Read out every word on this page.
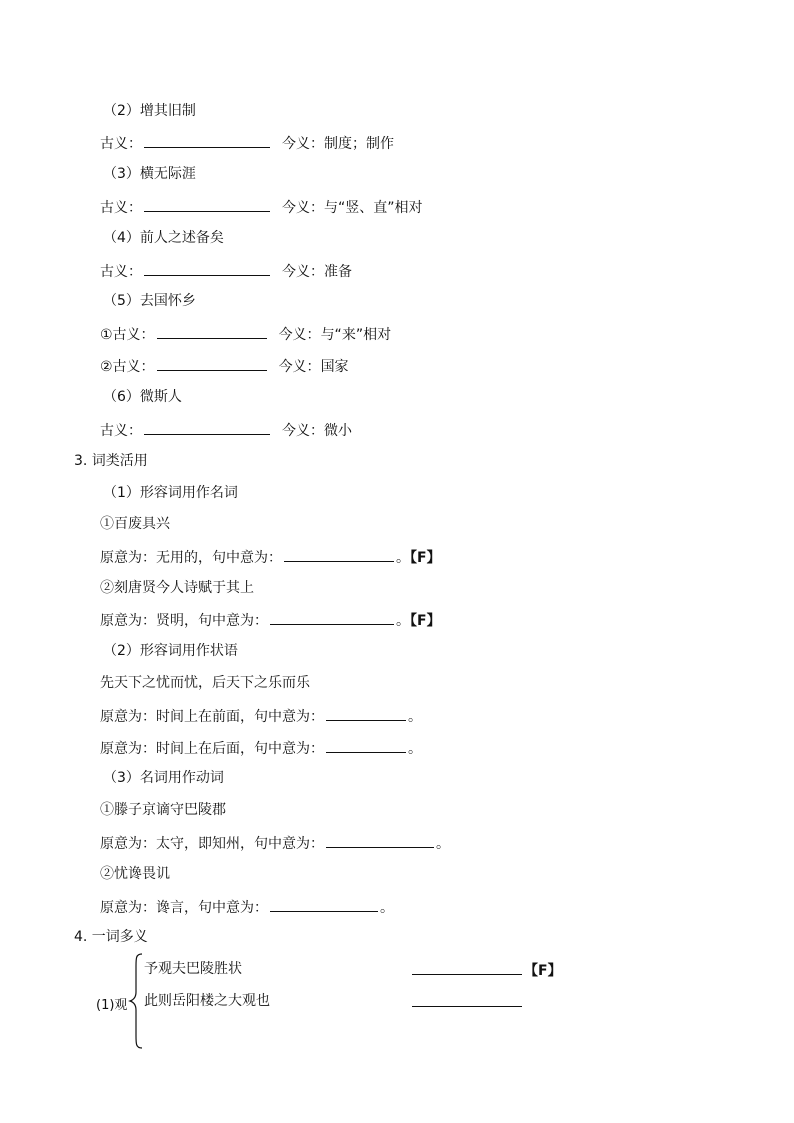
（2）增其旧制
古义：	今义：制度；制作
（3）横无际涯
古义：	今义：与“竖、直”相对
（4）前人之述备矣
古义：	今义：准备
（5）去国怀乡
①古义：	今义：与“来”相对
②古义：	今义：国家
（6）微斯人
古义：	今义：微小
3. 词类活用
（1）形容词用作名词
①百废具兴
原意为：无用的，句中意为：	。【F】
②刻唐贤今人诗赋于其上
原意为：贤明，句中意为：	。【F】
（2）形容词用作状语
先天下之忧而忧，后天下之乐而乐
原意为：时间上在前面，句中意为：	。
原意为：时间上在后面，句中意为：	。
（3）名词用作动词
①滕子京谪守巴陵郡
原意为：太守，即知州，句中意为：	。
②忧谗畏讥
原意为：谗言，句中意为：	。
4. 一词多义
(1)观
予观夫巴陵胜状	【F】
此则岳阳楼之大观也
